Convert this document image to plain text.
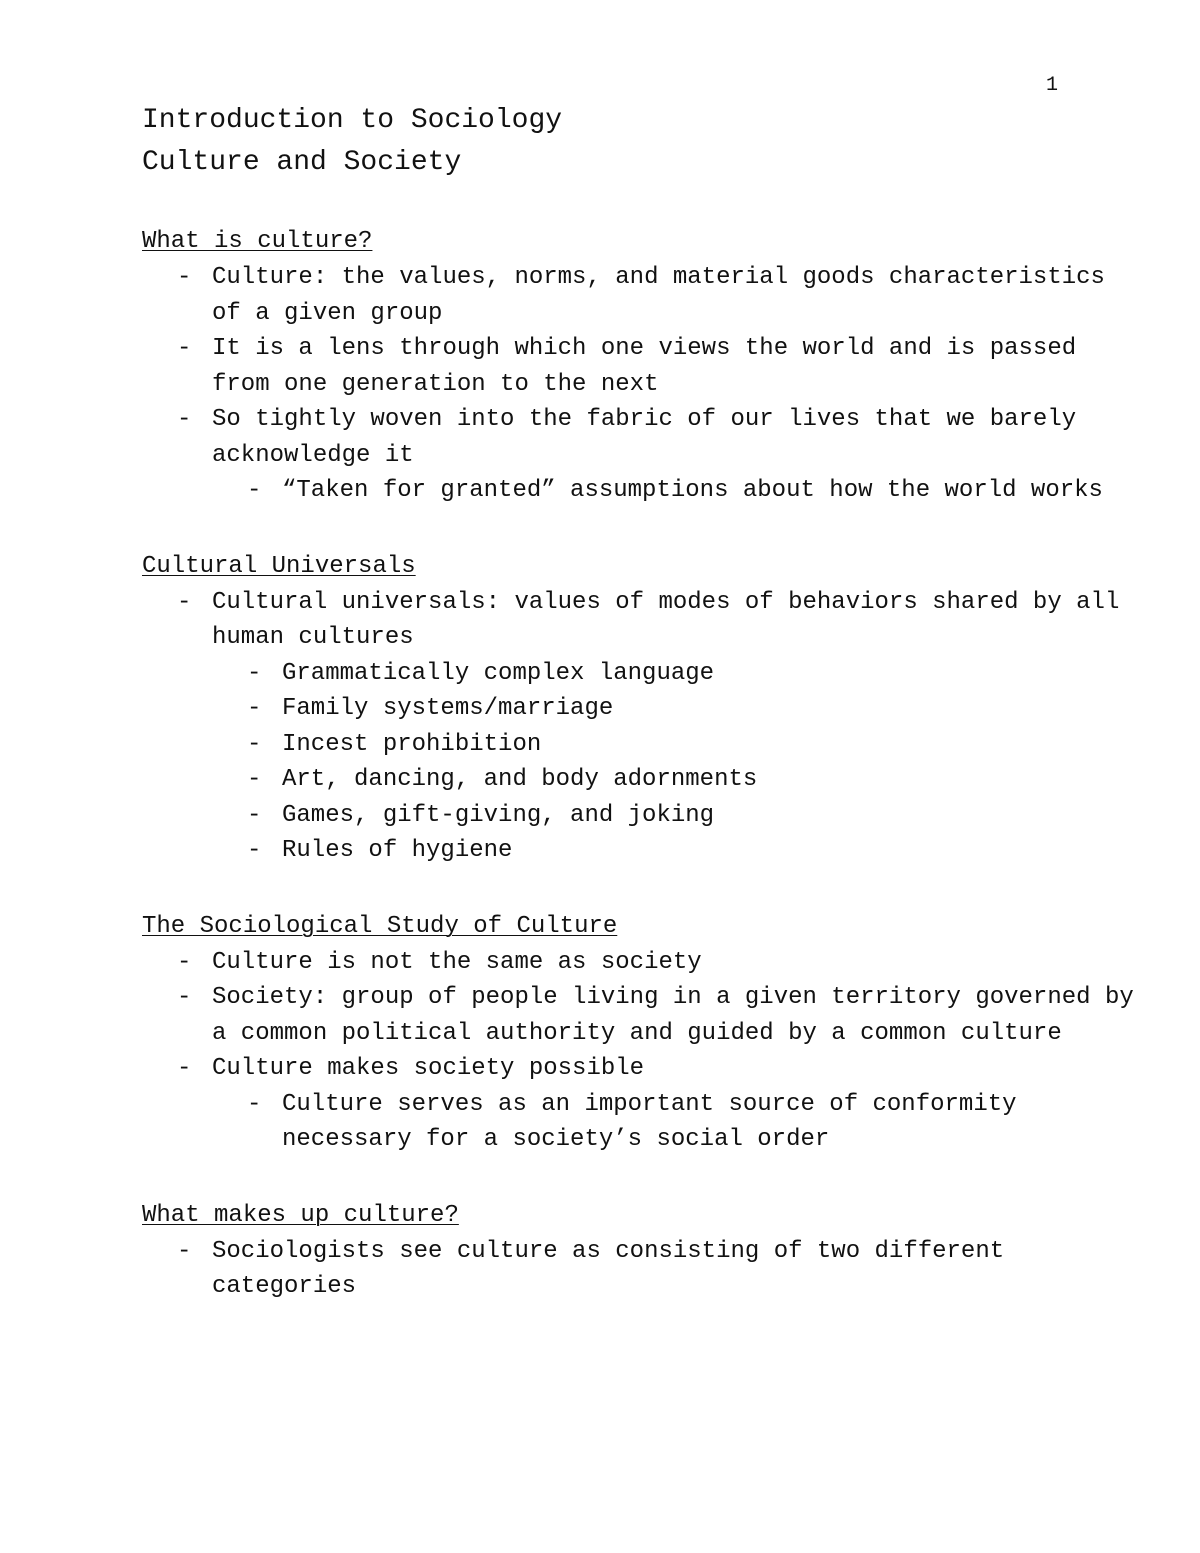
1
Introduction to Sociology
Culture and Society
What is culture?
- Culture: the values, norms, and material goods characteristics of a given group
- It is a lens through which one views the world and is passed from one generation to the next
- So tightly woven into the fabric of our lives that we barely acknowledge it
- “Taken for granted” assumptions about how the world works
Cultural Universals
- Cultural universals: values of modes of behaviors shared by all human cultures
- Grammatically complex language
- Family systems/marriage
- Incest prohibition
- Art, dancing, and body adornments
- Games, gift-giving, and joking
- Rules of hygiene
The Sociological Study of Culture
- Culture is not the same as society
- Society: group of people living in a given territory governed by a common political authority and guided by a common culture
- Culture makes society possible
- Culture serves as an important source of conformity necessary for a society’s social order
What makes up culture?
- Sociologists see culture as consisting of two different categories
